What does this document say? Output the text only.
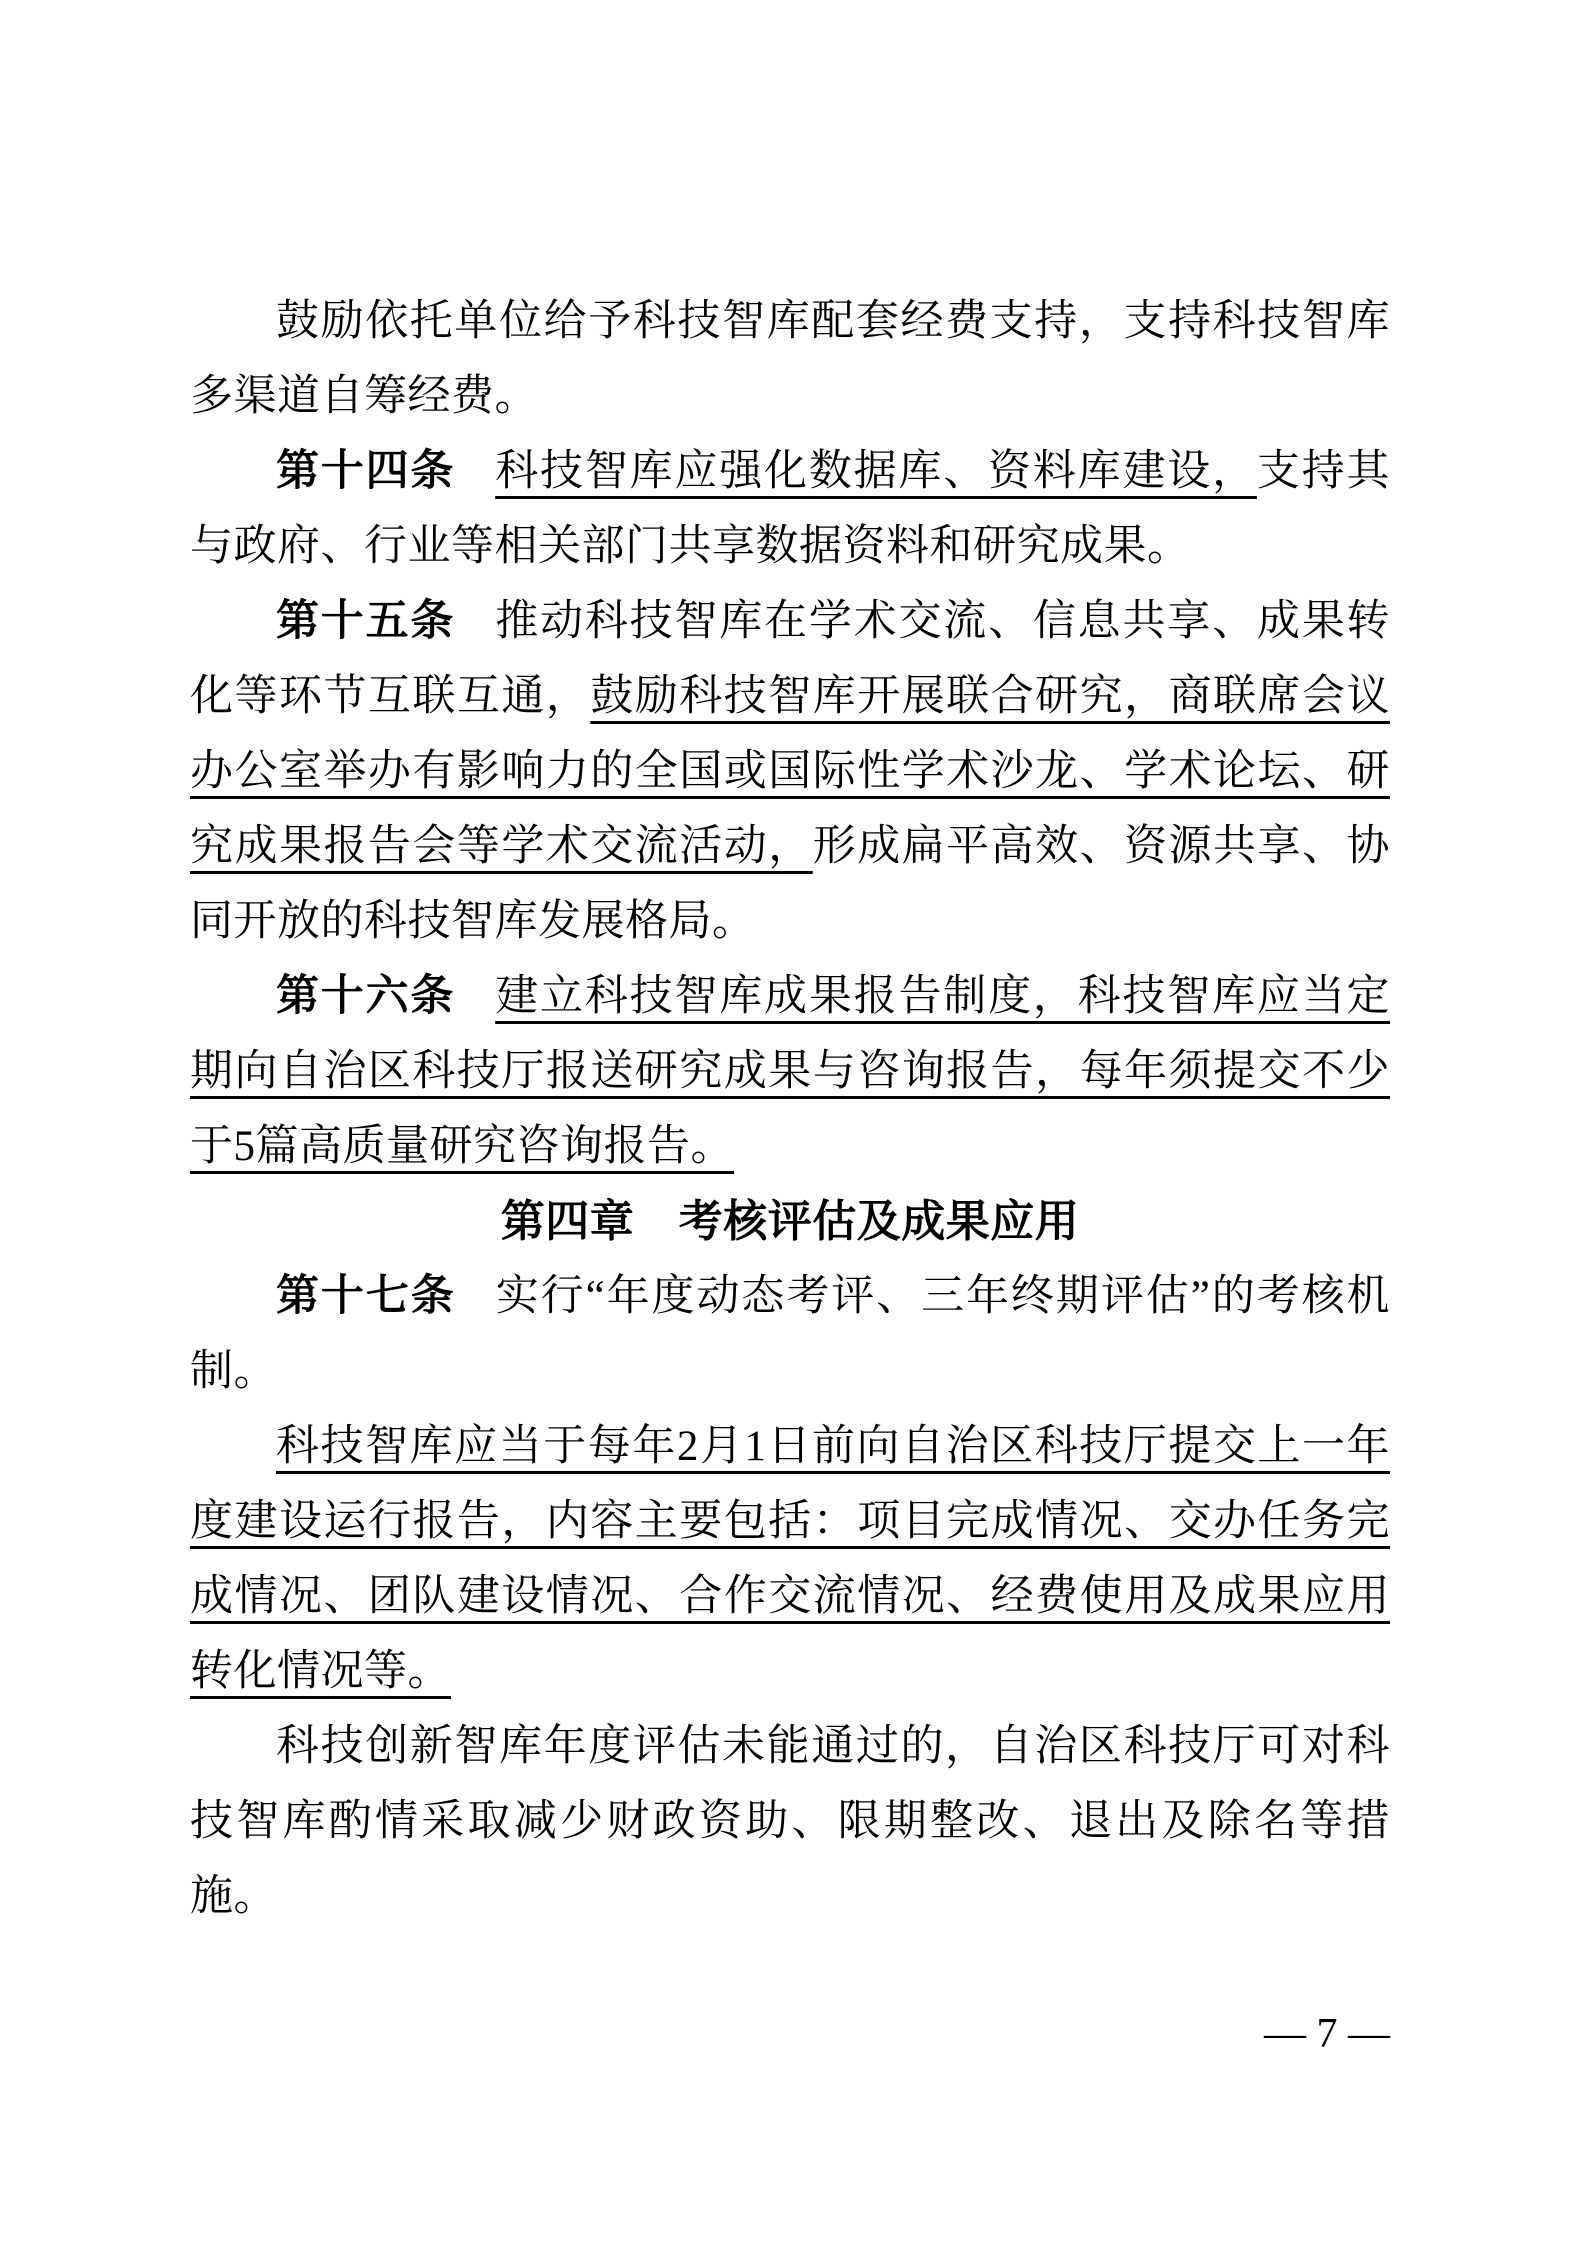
鼓励依托单位给予科技智库配套经费支持，支持科技智库多渠道自筹经费。

第十四条 科技智库应强化数据库、资料库建设，支持其与政府、行业等相关部门共享数据资料和研究成果。

第十五条 推动科技智库在学术交流、信息共享、成果转化等环节互联互通，鼓励科技智库开展联合研究，商联席会议办公室举办有影响力的全国或国际性学术沙龙、学术论坛、研究成果报告会等学术交流活动，形成扁平高效、资源共享、协同开放的科技智库发展格局。

第十六条 建立科技智库成果报告制度，科技智库应当定期向自治区科技厅报送研究成果与咨询报告，每年须提交不少于5篇高质量研究咨询报告。

第四章　考核评估及成果应用

第十七条 实行“年度动态考评、三年终期评估”的考核机制。

科技智库应当于每年2月1日前向自治区科技厅提交上一年度建设运行报告，内容主要包括：项目完成情况、交办任务完成情况、团队建设情况、合作交流情况、经费使用及成果应用转化情况等。

科技创新智库年度评估未能通过的，自治区科技厅可对科技智库酌情采取减少财政资助、限期整改、退出及除名等措施。

— 7 —
